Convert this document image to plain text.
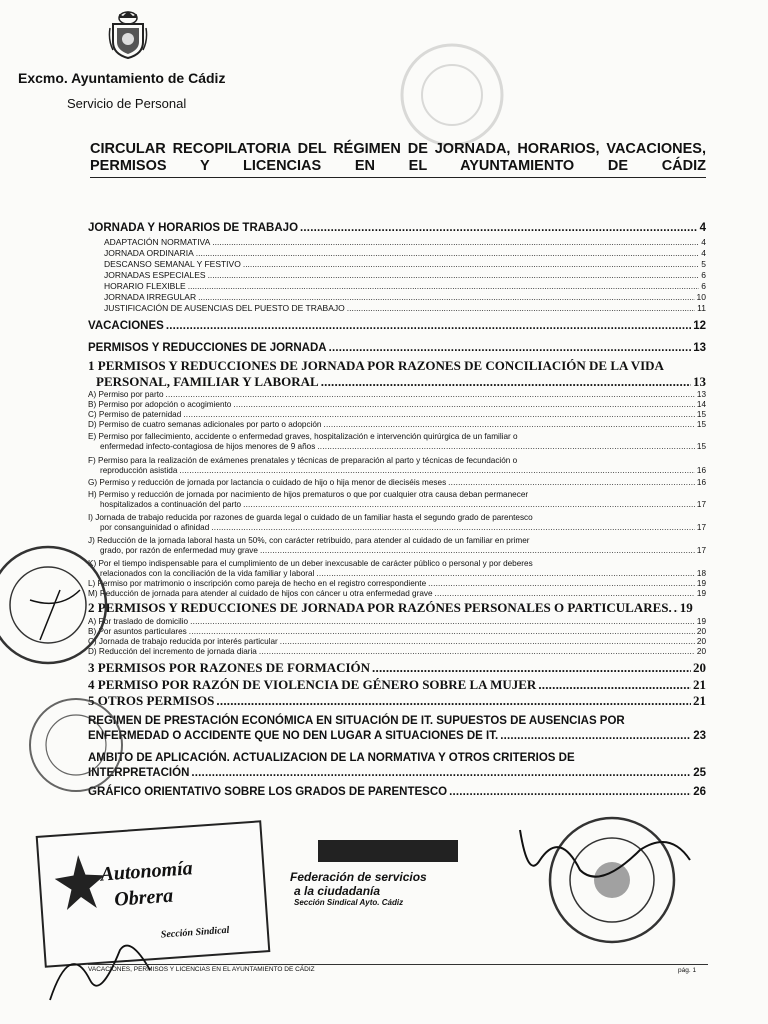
Excmo. Ayuntamiento de Cádiz
Servicio de Personal
CIRCULAR RECOPILATORIA DEL RÉGIMEN DE JORNADA, HORARIOS, VACACIONES, PERMISOS Y LICENCIAS EN EL AYUNTAMIENTO DE CÁDIZ
JORNADA Y HORARIOS DE TRABAJO .....	4
ADAPTACIÓN NORMATIVA .....	4
JORNADA ORDINARIA .....	4
DESCANSO SEMANAL Y FESTIVO .....	5
JORNADAS ESPECIALES .....	6
HORARIO FLEXIBLE .....	6
JORNADA IRREGULAR .....	10
JUSTIFICACIÓN DE AUSENCIAS DEL PUESTO DE TRABAJO .....	11
VACACIONES .....	12
PERMISOS Y REDUCCIONES DE JORNADA .....	13
1 PERMISOS Y REDUCCIONES DE JORNADA POR RAZONES DE CONCILIACIÓN DE LA VIDA
PERSONAL, FAMILIAR Y LABORAL .....	13
A) Permiso por parto .....	13
B) Permiso por adopción o acogimiento .....	14
C) Permiso de paternidad .....	15
D) Permiso de cuatro semanas adicionales por parto o adopción .....	15
E) Permiso por fallecimiento, accidente o enfermedad graves, hospitalización e intervención quirúrgica de un familiar o
enfermedad infecto-contagiosa de hijos menores de 9 años .....	15
F) Permiso para la realización de exámenes prenatales y técnicas de preparación al parto y técnicas de fecundación o
reproducción asistida .....	16
G) Permiso y reducción de jornada por lactancia o cuidado de hijo o hija menor de dieciséis meses .....	16
H) Permiso y reducción de jornada por nacimiento de hijos prematuros o que por cualquier otra causa deban permanecer
hospitalizados a continuación del parto .....	17
I) Jornada de trabajo reducida por razones de guarda legal o cuidado de un familiar hasta el segundo grado de parentesco
por consanguinidad o afinidad .....	17
J) Reducción de la jornada laboral hasta un 50%, con carácter retribuido, para atender al cuidado de un familiar en primer
grado, por razón de enfermedad muy grave .....	17
K) Por el tiempo indispensable para el cumplimiento de un deber inexcusable de carácter público o personal y por deberes
relacionados con la conciliación de la vida familiar y laboral .....	18
L) Permiso por matrimonio o inscripción como pareja de hecho en el registro correspondiente .....	19
M) Reducción de jornada para atender al cuidado de hijos con cáncer u otra enfermedad grave .....	19
2 PERMISOS Y REDUCCIONES DE JORNADA POR RAZÓNES PERSONALES O PARTICULARES. ..... 19
A) Por traslado de domicilio .....	19
B) Por asuntos particulares .....	20
C) Jornada de trabajo reducida por interés particular .....	20
D) Reducción del incremento de jornada diaria .....	20
3 PERMISOS POR RAZONES DE FORMACIÓN .....	20
4 PERMISO POR RAZÓN DE VIOLENCIA DE GÉNERO SOBRE LA MUJER .....	21
5 OTROS PERMISOS .....	21
REGIMEN DE PRESTACIÓN ECONÓMICA EN SITUACIÓN DE IT. SUPUESTOS DE AUSENCIAS POR
ENFERMEDAD O ACCIDENTE QUE NO DEN LUGAR A SITUACIONES DE IT. .....	23
AMBITO DE APLICACIÓN. ACTUALIZACION DE LA NORMATIVA Y OTROS CRITERIOS DE
INTERPRETACIÓN .....	25
GRÁFICO ORIENTATIVO SOBRE LOS GRADOS DE PARENTESCO .....	26
Autonomía
Obrera
Sección Sindical
Federación de servicios
a la ciudadanía
Sección Sindical Ayto. Cádiz
VACACIONES, PERMISOS Y LICENCIAS EN EL AYUNTAMIENTO DE CÁDIZ	pág. 1
